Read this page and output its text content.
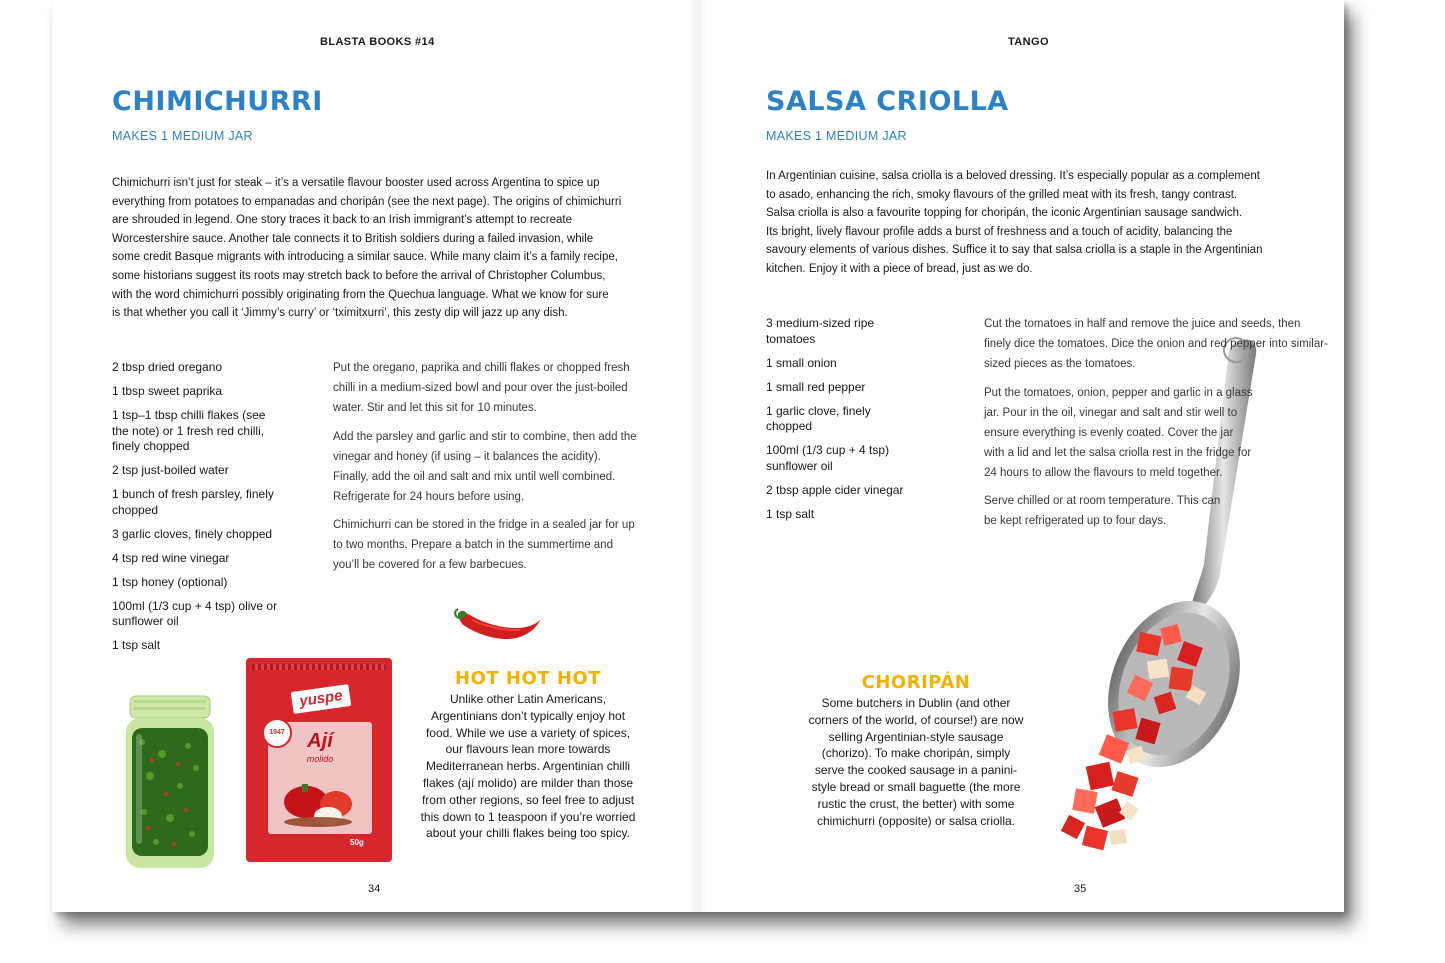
BLASTA BOOKS #14
CHIMICHURRI
MAKES 1 MEDIUM JAR
Chimichurri isn’t just for steak – it’s a versatile flavour booster used across Argentina to spice up
everything from potatoes to empanadas and choripán (see the next page). The origins of chimichurri
are shrouded in legend. One story traces it back to an Irish immigrant’s attempt to recreate
Worcestershire sauce. Another tale connects it to British soldiers during a failed invasion, while
some credit Basque migrants with introducing a similar sauce. While many claim it’s a family recipe,
some historians suggest its roots may stretch back to before the arrival of Christopher Columbus,
with the word chimichurri possibly originating from the Quechua language. What we know for sure
is that whether you call it ‘Jimmy’s curry’ or ‘tximitxurri’, this zesty dip will jazz up any dish.
2 tbsp dried oregano
1 tbsp sweet paprika
1 tsp–1 tbsp chilli flakes (see the note) or 1 fresh red chilli, finely chopped
2 tsp just-boiled water
1 bunch of fresh parsley, finely chopped
3 garlic cloves, finely chopped
4 tsp red wine vinegar
1 tsp honey (optional)
100ml (1/3 cup + 4 tsp) olive or sunflower oil
1 tsp salt

Put the oregano, paprika and chilli flakes or chopped fresh chilli in a medium-sized bowl and pour over the just-boiled water. Stir and let this sit for 10 minutes.

Add the parsley and garlic and stir to combine, then add the vinegar and honey (if using – it balances the acidity). Finally, add the oil and salt and mix until well combined. Refrigerate for 24 hours before using.

Chimichurri can be stored in the fridge in a sealed jar for up to two months. Prepare a batch in the summertime and you’ll be covered for a few barbecues.

yuspe
1947	Ají
molido
50g
HOT HOT HOT
Unlike other Latin Americans, Argentinians don’t typically enjoy hot food. While we use a variety of spices, our flavours lean more towards Mediterranean herbs. Argentinian chilli flakes (ají molido) are milder than those from other regions, so feel free to adjust this down to 1 teaspoon if you’re worried about your chilli flakes being too spicy.
34
TANGO
SALSA CRIOLLA
MAKES 1 MEDIUM JAR
In Argentinian cuisine, salsa criolla is a beloved dressing. It’s especially popular as a complement
to asado, enhancing the rich, smoky flavours of the grilled meat with its fresh, tangy contrast.
Salsa criolla is also a favourite topping for choripán, the iconic Argentinian sausage sandwich.
Its bright, lively flavour profile adds a burst of freshness and a touch of acidity, balancing the
savoury elements of various dishes. Suffice it to say that salsa criolla is a staple in the Argentinian
kitchen. Enjoy it with a piece of bread, just as we do.
3 medium-sized ripe tomatoes
1 small onion
1 small red pepper
1 garlic clove, finely chopped
100ml (1/3 cup + 4 tsp) sunflower oil
2 tbsp apple cider vinegar
1 tsp salt

Cut the tomatoes in half and remove the juice and seeds, then finely dice the tomatoes. Dice the onion and red pepper into similar-sized pieces as the tomatoes.

Put the tomatoes, onion, pepper and garlic in a glass jar. Pour in the oil, vinegar and salt and stir well to ensure everything is evenly coated. Cover the jar with a lid and let the salsa criolla rest in the fridge for 24 hours to allow the flavours to meld together.

Serve chilled or at room temperature. This can be kept refrigerated up to four days.

CHORIPÁN
Some butchers in Dublin (and other corners of the world, of course!) are now selling Argentinian-style sausage (chorizo). To make choripán, simply serve the cooked sausage in a panini-style bread or small baguette (the more rustic the crust, the better) with some chimichurri (opposite) or salsa criolla.
35
